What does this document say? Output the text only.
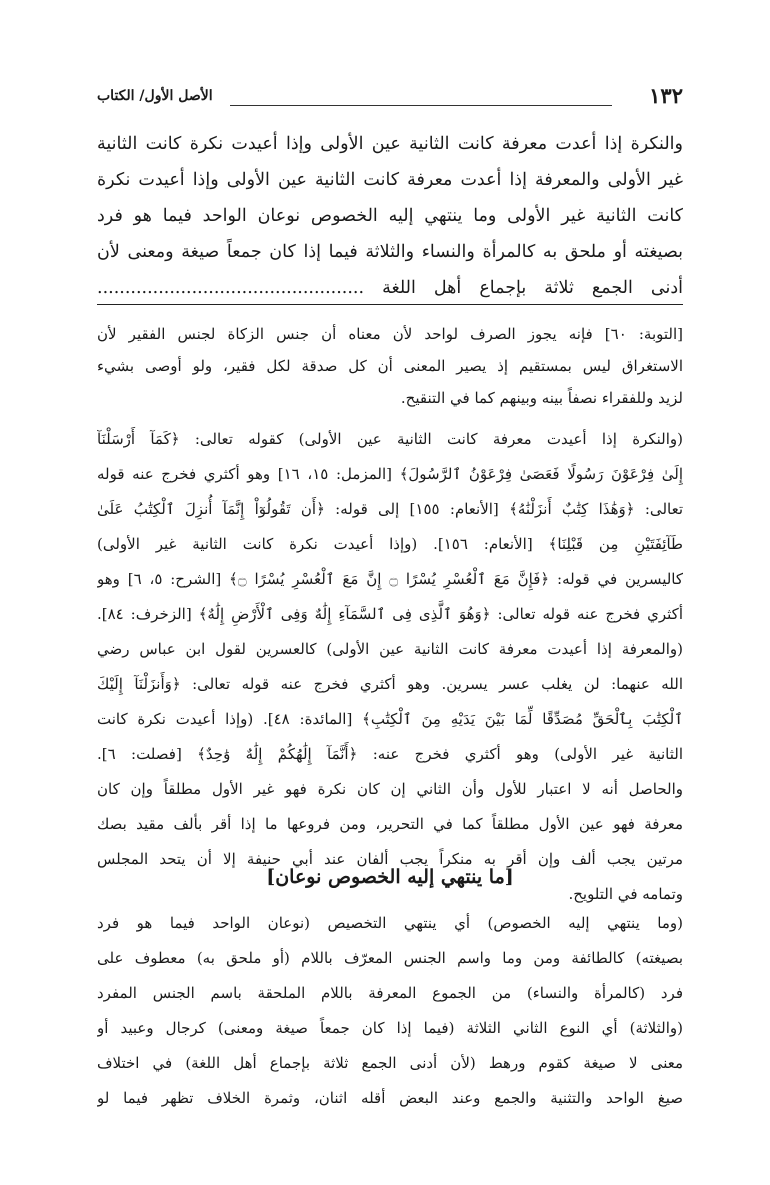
١٣٢
الأصل الأول/ الكتاب
والنكرة إذا أعدت معرفة كانت الثانية عين الأولى وإذا أعيدت نكرة كانت الثانية
غير الأولى والمعرفة إذا أعدت معرفة كانت الثانية عين الأولى وإذا أعيدت نكرة
كانت الثانية غير الأولى وما ينتهي إليه الخصوص نوعان الواحد فيما هو فرد
بصيغته أو ملحق به كالمرأة والنساء والثلاثة فيما إذا كان جمعاً صيغة ومعنى لأن
أدنى الجمع ثلاثة بإجماع أهل اللغة ................................................
[التوبة: ٦٠] فإنه يجوز الصرف لواحد لأن معناه أن جنس الزكاة لجنس الفقير لأن
الاستغراق ليس بمستقيم إذ يصير المعنى أن كل صدقة لكل فقير، ولو أوصى بشيء
لزيد وللفقراء نصفاً بينه وبينهم كما في التنقيح.
(والنكرة إذا أعيدت معرفة كانت الثانية عين الأولى) كقوله تعالى: ﴿كَمَآ أَرْسَلْنَآ
إِلَىٰ فِرْعَوْنَ رَسُولًا فَعَصَىٰ فِرْعَوْنُ ٱلرَّسُولَ﴾ [المزمل: ١٥، ١٦] وهو أكثري فخرج عنه قوله
تعالى: ﴿وَهَٰذَا كِتَٰبٌ أَنزَلْنَٰهُ﴾ [الأنعام: ١٥٥] إلى قوله: ﴿أَن تَقُولُوٓاْ إِنَّمَآ أُنزِلَ ٱلْكِتَٰبُ عَلَىٰ
طَآئِفَتَيْنِ مِن قَبْلِنَا﴾ [الأنعام: ١٥٦]. (وإذا أعيدت نكرة كانت الثانية غير الأولى)
كاليسرين في قوله: ﴿فَإِنَّ مَعَ ٱلْعُسْرِ يُسْرًا ۝ إِنَّ مَعَ ٱلْعُسْرِ يُسْرًا ۝﴾ [الشرح: ٥، ٦] وهو
أكثري فخرج عنه قوله تعالى: ﴿وَهُوَ ٱلَّذِى فِى ٱلسَّمَآءِ إِلَٰهٌ وَفِى ٱلْأَرْضِ إِلَٰهٌ﴾ [الزخرف: ٨٤].
(والمعرفة إذا أعيدت معرفة كانت الثانية عين الأولى) كالعسرين لقول ابن عباس رضي
الله عنهما: لن يغلب عسر يسرين. وهو أكثري فخرج عنه قوله تعالى: ﴿وَأَنزَلْنَآ إِلَيْكَ
ٱلْكِتَٰبَ بِٱلْحَقِّ مُصَدِّقًا لِّمَا بَيْنَ يَدَيْهِ مِنَ ٱلْكِتَٰبِ﴾ [المائدة: ٤٨]. (وإذا أعيدت نكرة كانت
الثانية غير الأولى) وهو أكثري فخرج عنه: ﴿أَنَّمَآ إِلَٰهُكُمْ إِلَٰهٌ وَٰحِدٌ﴾ [فصلت: ٦].
والحاصل أنه لا اعتبار للأول وأن الثاني إن كان نكرة فهو غير الأول مطلقاً وإن كان
معرفة فهو عين الأول مطلقاً كما في التحرير، ومن فروعها ما إذا أقر بألف مقيد بصك
مرتين يجب ألف وإن أقر به منكراً يجب ألفان عند أبي حنيفة إلا أن يتحد المجلس
وتمامه في التلويح.
[ما ينتهي إليه الخصوص نوعان]
(وما ينتهي إليه الخصوص) أي ينتهي التخصيص (نوعان الواحد فيما هو فرد
بصيغته) كالطائفة ومن وما واسم الجنس المعرّف باللام (أو ملحق به) معطوف على
فرد (كالمرأة والنساء) من الجموع المعرفة باللام الملحقة باسم الجنس المفرد
(والثلاثة) أي النوع الثاني الثلاثة (فيما إذا كان جمعاً صيغة ومعنى) كرجال وعبيد أو
معنى لا صيغة كقوم ورهط (لأن أدنى الجمع ثلاثة بإجماع أهل اللغة) في اختلاف
صيغ الواحد والتثنية والجمع وعند البعض أقله اثنان، وثمرة الخلاف تظهر فيما لو
